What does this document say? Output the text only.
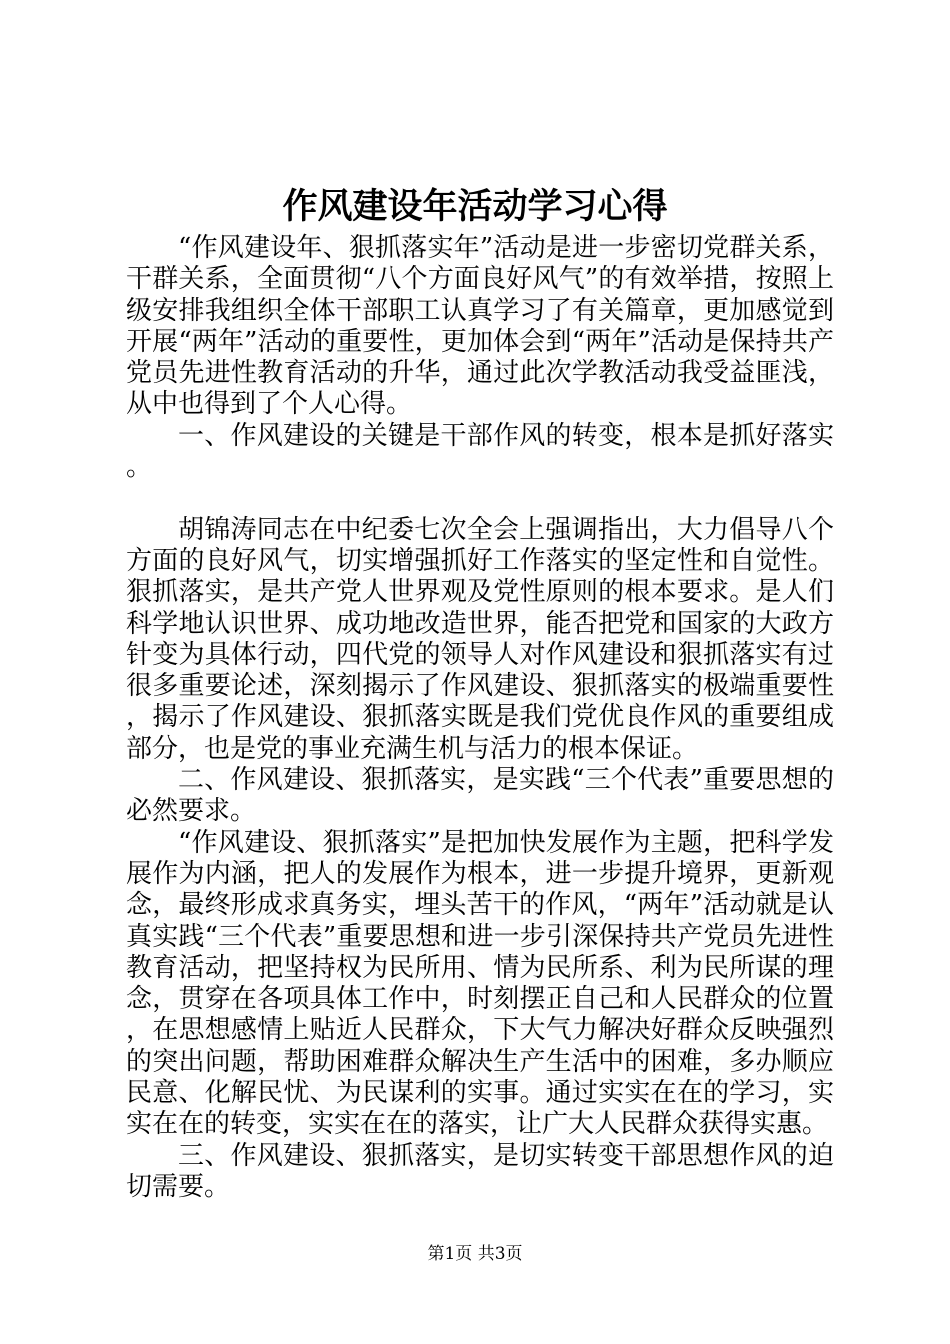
作风建设年活动学习心得

“作风建设年、狠抓落实年”活动是进一步密切党群关系，干群关系，全面贯彻“八个方面良好风气”的有效举措，按照上级安排我组织全体干部职工认真学习了有关篇章，更加感觉到开展“两年”活动的重要性，更加体会到“两年”活动是保持共产党员先进性教育活动的升华，通过此次学教活动我受益匪浅，从中也得到了个人心得。

一、作风建设的关键是干部作风的转变，根本是抓好落实。

胡锦涛同志在中纪委七次全会上强调指出，大力倡导八个方面的良好风气，切实增强抓好工作落实的坚定性和自觉性。狠抓落实，是共产党人世界观及党性原则的根本要求。是人们科学地认识世界、成功地改造世界，能否把党和国家的大政方针变为具体行动，四代党的领导人对作风建设和狠抓落实有过很多重要论述，深刻揭示了作风建设、狠抓落实的极端重要性，揭示了作风建设、狠抓落实既是我们党优良作风的重要组成部分，也是党的事业充满生机与活力的根本保证。

二、作风建设、狠抓落实，是实践“三个代表”重要思想的必然要求。

“作风建设、狠抓落实”是把加快发展作为主题，把科学发展作为内涵，把人的发展作为根本，进一步提升境界，更新观念，最终形成求真务实，埋头苦干的作风，“两年”活动就是认真实践“三个代表”重要思想和进一步引深保持共产党员先进性教育活动，把坚持权为民所用、情为民所系、利为民所谋的理念，贯穿在各项具体工作中，时刻摆正自己和人民群众的位置，在思想感情上贴近人民群众，下大气力解决好群众反映强烈的突出问题，帮助困难群众解决生产生活中的困难，多办顺应民意、化解民忧、为民谋利的实事。通过实实在在的学习，实实在在的转变，实实在在的落实，让广大人民群众获得实惠。

三、作风建设、狠抓落实，是切实转变干部思想作风的迫切需要。

第1页 共3页
